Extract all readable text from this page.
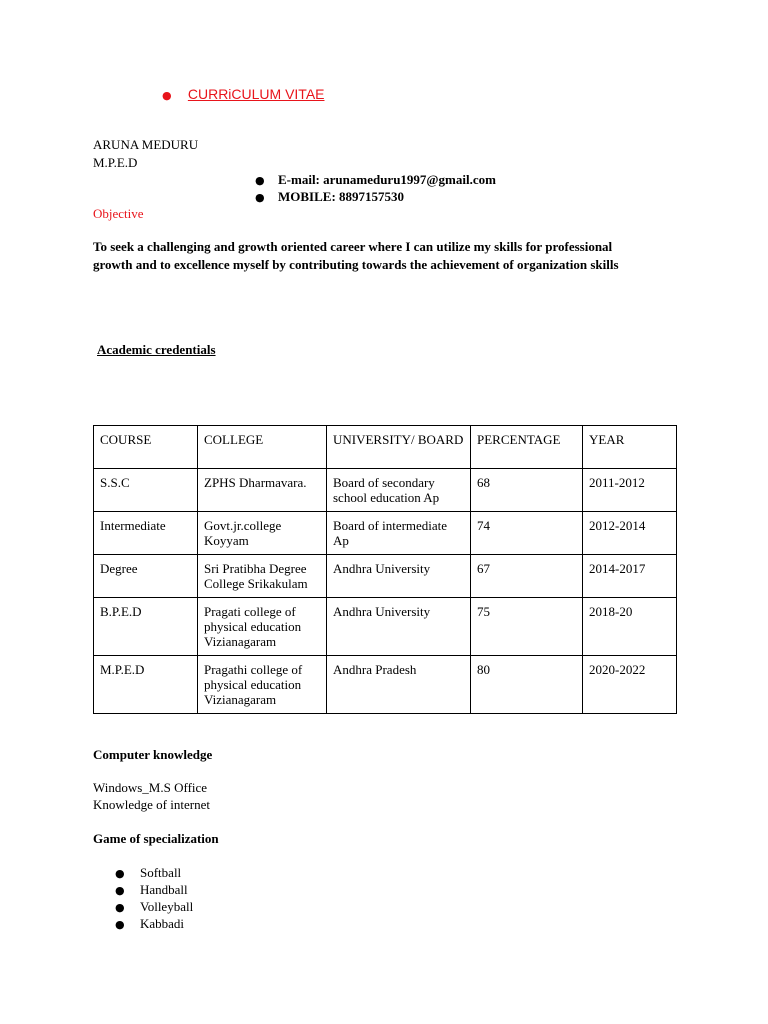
● CURRiCULUM VITAE
ARUNA MEDURU
M.P.E.D
● E-mail: arunameduru1997@gmail.com
● MOBILE: 8897157530
Objective
To seek a challenging and growth oriented career where I can utilize my skills for professional
growth and to excellence myself by contributing towards the achievement of organization skills
Academic credentials
COURSE	COLLEGE	UNIVERSITY/ BOARD	PERCENTAGE	YEAR
S.S.C	ZPHS Dharmavara.	Board of secondary school education Ap	68	2011-2012
Intermediate	Govt.jr.college Koyyam	Board of intermediate Ap	74	2012-2014
Degree	Sri Pratibha Degree College Srikakulam	Andhra University	67	2014-2017
B.P.E.D	Pragati college of physical education Vizianagaram	Andhra University	75	2018-20
M.P.E.D	Pragathi college of physical education Vizianagaram	Andhra Pradesh	80	2020-2022
Computer knowledge
Windows_M.S Office
Knowledge of internet
Game of specialization
● Softball
● Handball
● Volleyball
● Kabbadi
